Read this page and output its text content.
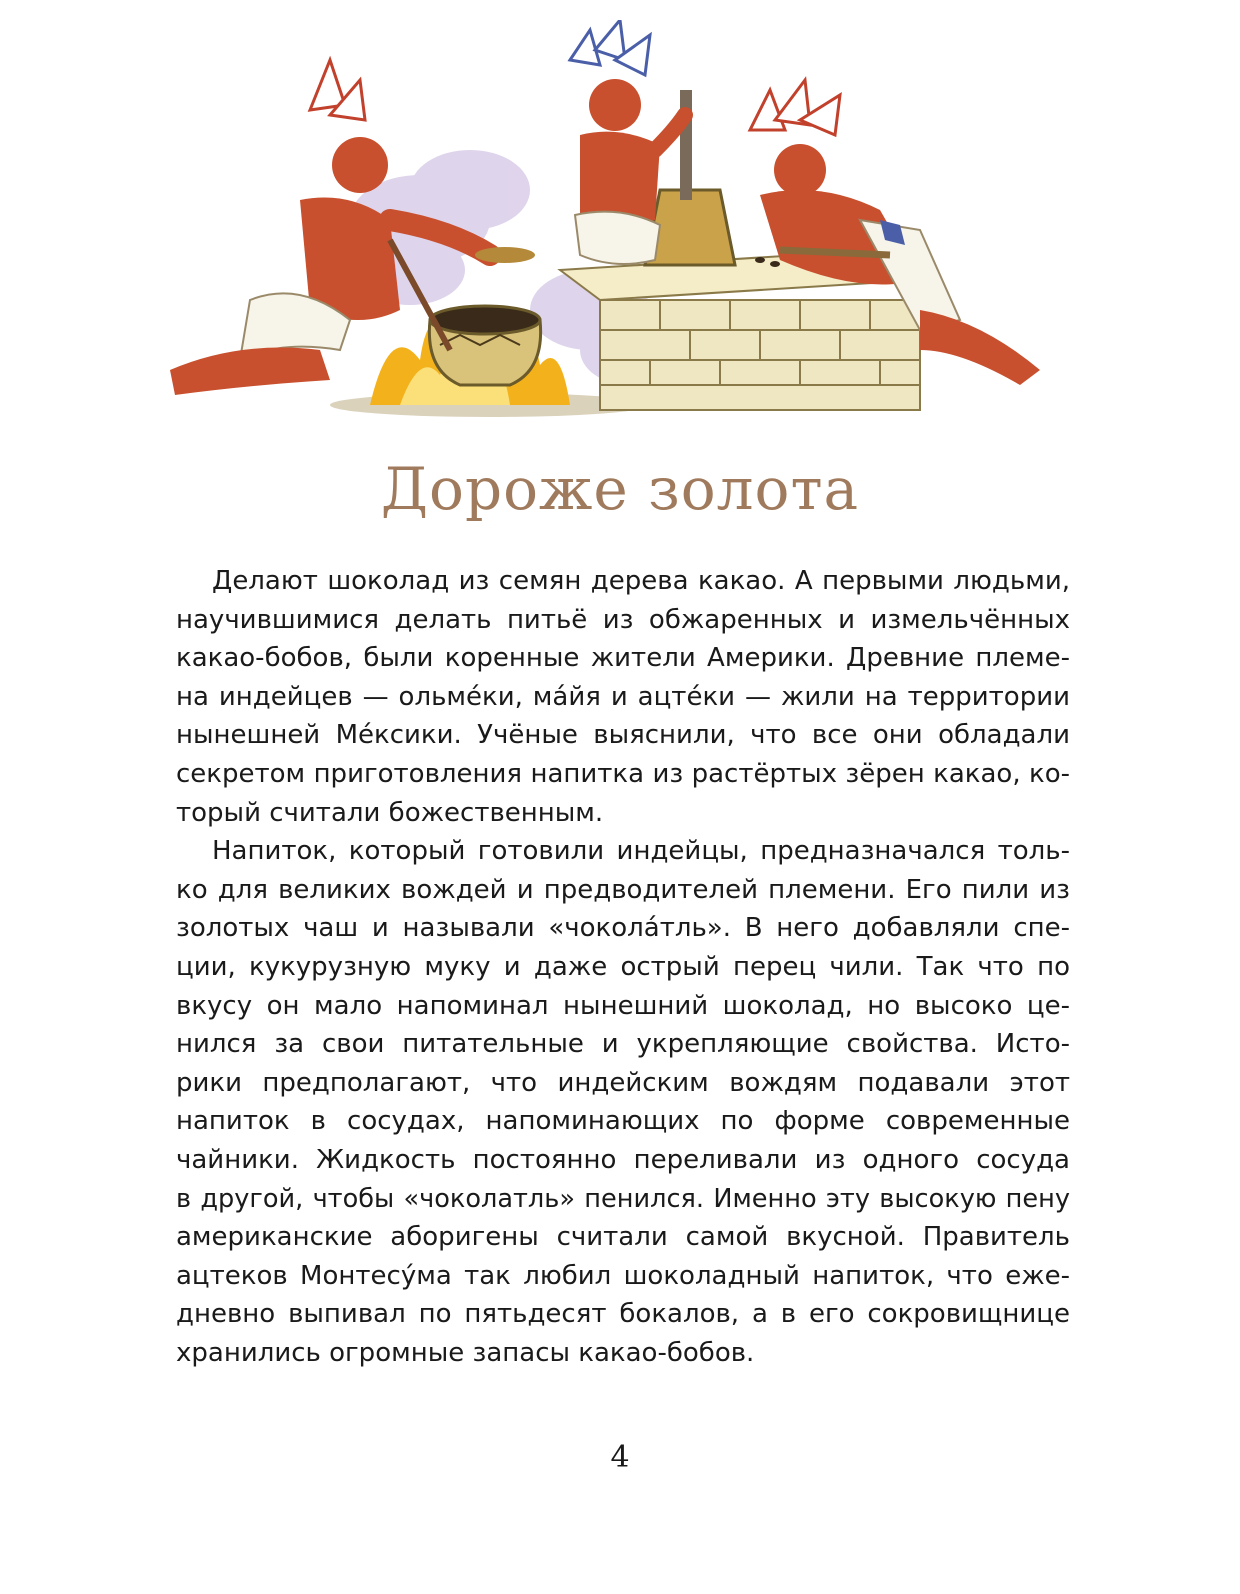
Дороже золота
Делают шоколад из семян дерева какао. А первыми людьми,
научившимися делать питьё из обжаренных и измельчённых
какао-бобов, были коренные жители Америки. Древние племе-
на индейцев — ольмéки, мáйя и ацтéки — жили на территории
нынешней Мéксики. Учёные выяснили, что все они обладали
секретом приготовления напитка из растёртых зёрен какао, ко-
торый считали божественным.
Напиток, который готовили индейцы, предназначался толь-
ко для великих вождей и предводителей племени. Его пили из
золотых чаш и называли «чоколáтль». В него добавляли спе-
ции, кукурузную муку и даже острый перец чили. Так что по
вкусу он мало напоминал нынешний шоколад, но высоко це-
нился за свои питательные и укрепляющие свойства. Исто-
рики предполагают, что индейским вождям подавали этот
напиток в сосудах, напоминающих по форме современные
чайники. Жидкость постоянно переливали из одного сосуда
в другой, чтобы «чоколатль» пенился. Именно эту высокую пену
американские аборигены считали самой вкусной. Правитель
ацтеков Монтесýма так любил шоколадный напиток, что еже-
дневно выпивал по пятьдесят бокалов, а в его сокровищнице
хранились огромные запасы какао-бобов.
4
